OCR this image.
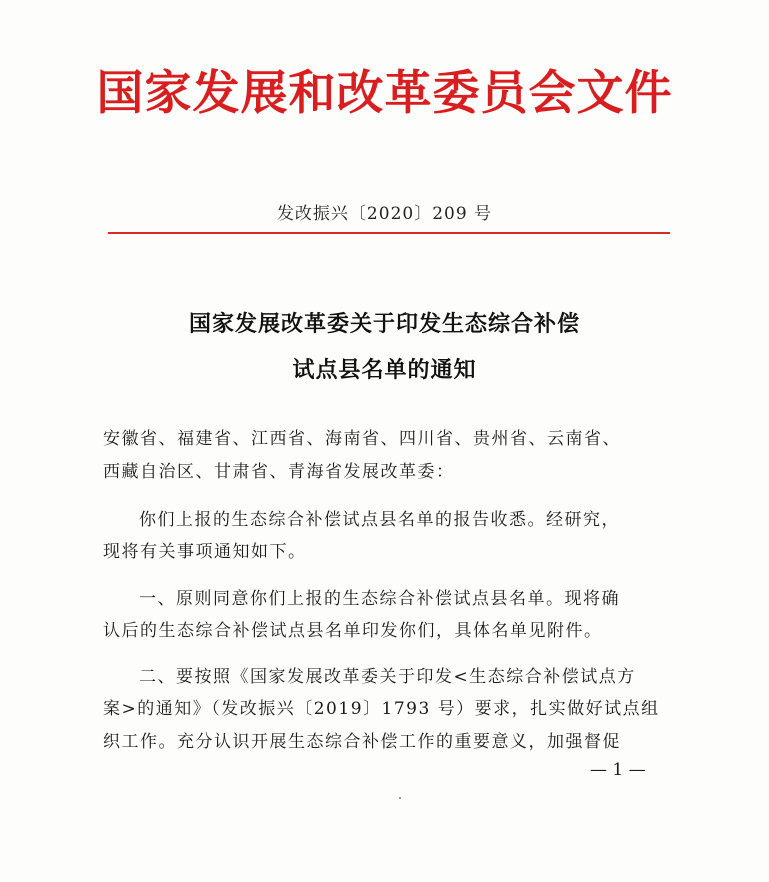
国家发展和改革委员会文件
发改振兴〔2020〕209 号
国家发展改革委关于印发生态综合补偿
试点县名单的通知
安徽省、福建省、江西省、海南省、四川省、贵州省、云南省、
西藏自治区、甘肃省、青海省发展改革委：
你们上报的生态综合补偿试点县名单的报告收悉。经研究，
现将有关事项通知如下。
一、原则同意你们上报的生态综合补偿试点县名单。现将确
认后的生态综合补偿试点县名单印发你们，具体名单见附件。
二、要按照《国家发展改革委关于印发<生态综合补偿试点方
案>的通知》（发改振兴〔2019〕1793 号）要求，扎实做好试点组
织工作。充分认识开展生态综合补偿工作的重要意义，加强督促
— 1 —
